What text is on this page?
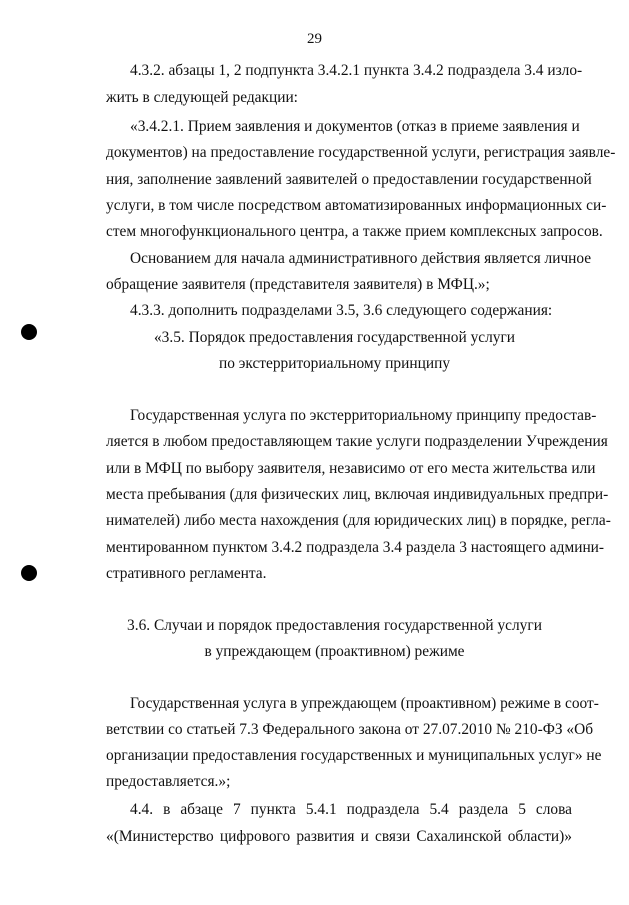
29
4.3.2. абзацы 1, 2 подпункта 3.4.2.1 пункта 3.4.2 подраздела 3.4 изло-
жить в следующей редакции:
«3.4.2.1. Прием заявления и документов (отказ в приеме заявления и
документов) на предоставление государственной услуги, регистрация заявле-
ния, заполнение заявлений заявителей о предоставлении государственной
услуги, в том числе посредством автоматизированных информационных си-
стем многофункционального центра, а также прием комплексных запросов.
Основанием для начала административного действия является личное
обращение заявителя (представителя заявителя) в МФЦ.»;
4.3.3. дополнить подразделами 3.5, 3.6 следующего содержания:
«3.5. Порядок предоставления государственной услуги
по экстерриториальному принципу
Государственная услуга по экстерриториальному принципу предостав-
ляется в любом предоставляющем такие услуги подразделении Учреждения
или в МФЦ по выбору заявителя, независимо от его места жительства или
места пребывания (для физических лиц, включая индивидуальных предпри-
нимателей) либо места нахождения (для юридических лиц) в порядке, регла-
ментированном пунктом 3.4.2 подраздела 3.4 раздела 3 настоящего админи-
стративного регламента.
3.6. Случаи и порядок предоставления государственной услуги
в упреждающем (проактивном) режиме
Государственная услуга в упреждающем (проактивном) режиме в соот-
ветствии со статьей 7.3 Федерального закона от 27.07.2010 № 210-ФЗ «Об
организации предоставления государственных и муниципальных услуг» не
предоставляется.»;
4.4. в абзаце 7 пункта 5.4.1 подраздела 5.4 раздела 5 слова
«(Министерство цифрового развития и связи Сахалинской области)»
